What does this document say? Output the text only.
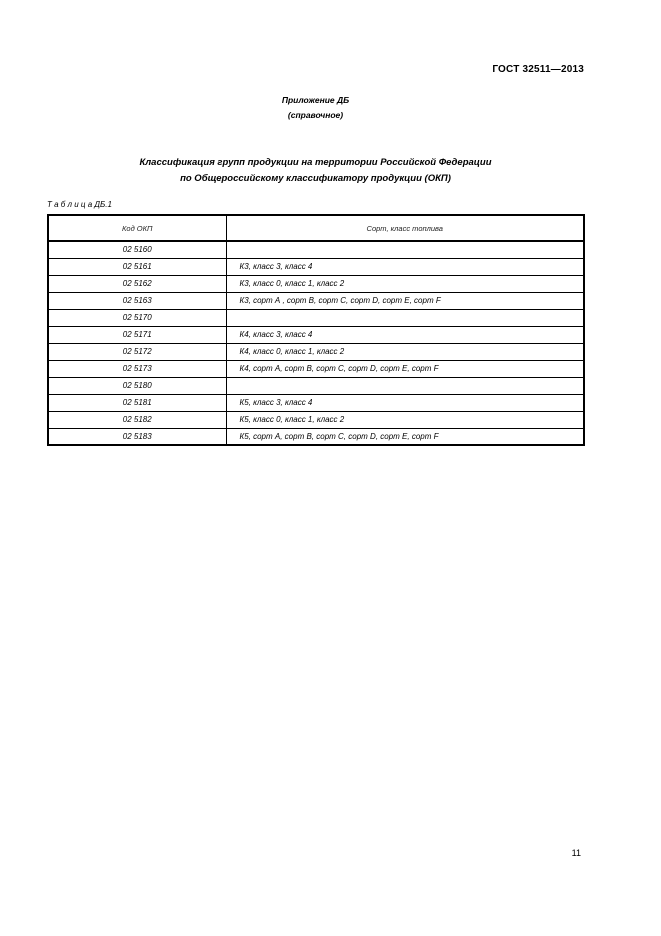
ГОСТ 32511—2013
Приложение ДБ
(справочное)
Классификация групп продукции на территории Российской Федерации
по Общероссийскому классификатору продукции (ОКП)
Т а б л и ц а ДБ.1
Код ОКП	Сорт, класс топлива
02 5160	
02 5161	К3, класс 3, класс 4
02 5162	К3, класс 0, класс 1, класс 2
02 5163	К3, сорт А , сорт В, сорт С, сорт D, сорт Е, сорт F
02 5170	
02 5171	К4, класс 3, класс 4
02 5172	К4, класс 0, класс 1, класс 2
02 5173	К4, сорт А, сорт В, сорт С, сорт D, сорт Е, сорт F
02 5180	
02 5181	К5, класс 3, класс 4
02 5182	К5, класс 0, класс 1, класс 2
02 5183	К5, сорт А, сорт В, сорт С, сорт D, сорт Е, сорт F
11
